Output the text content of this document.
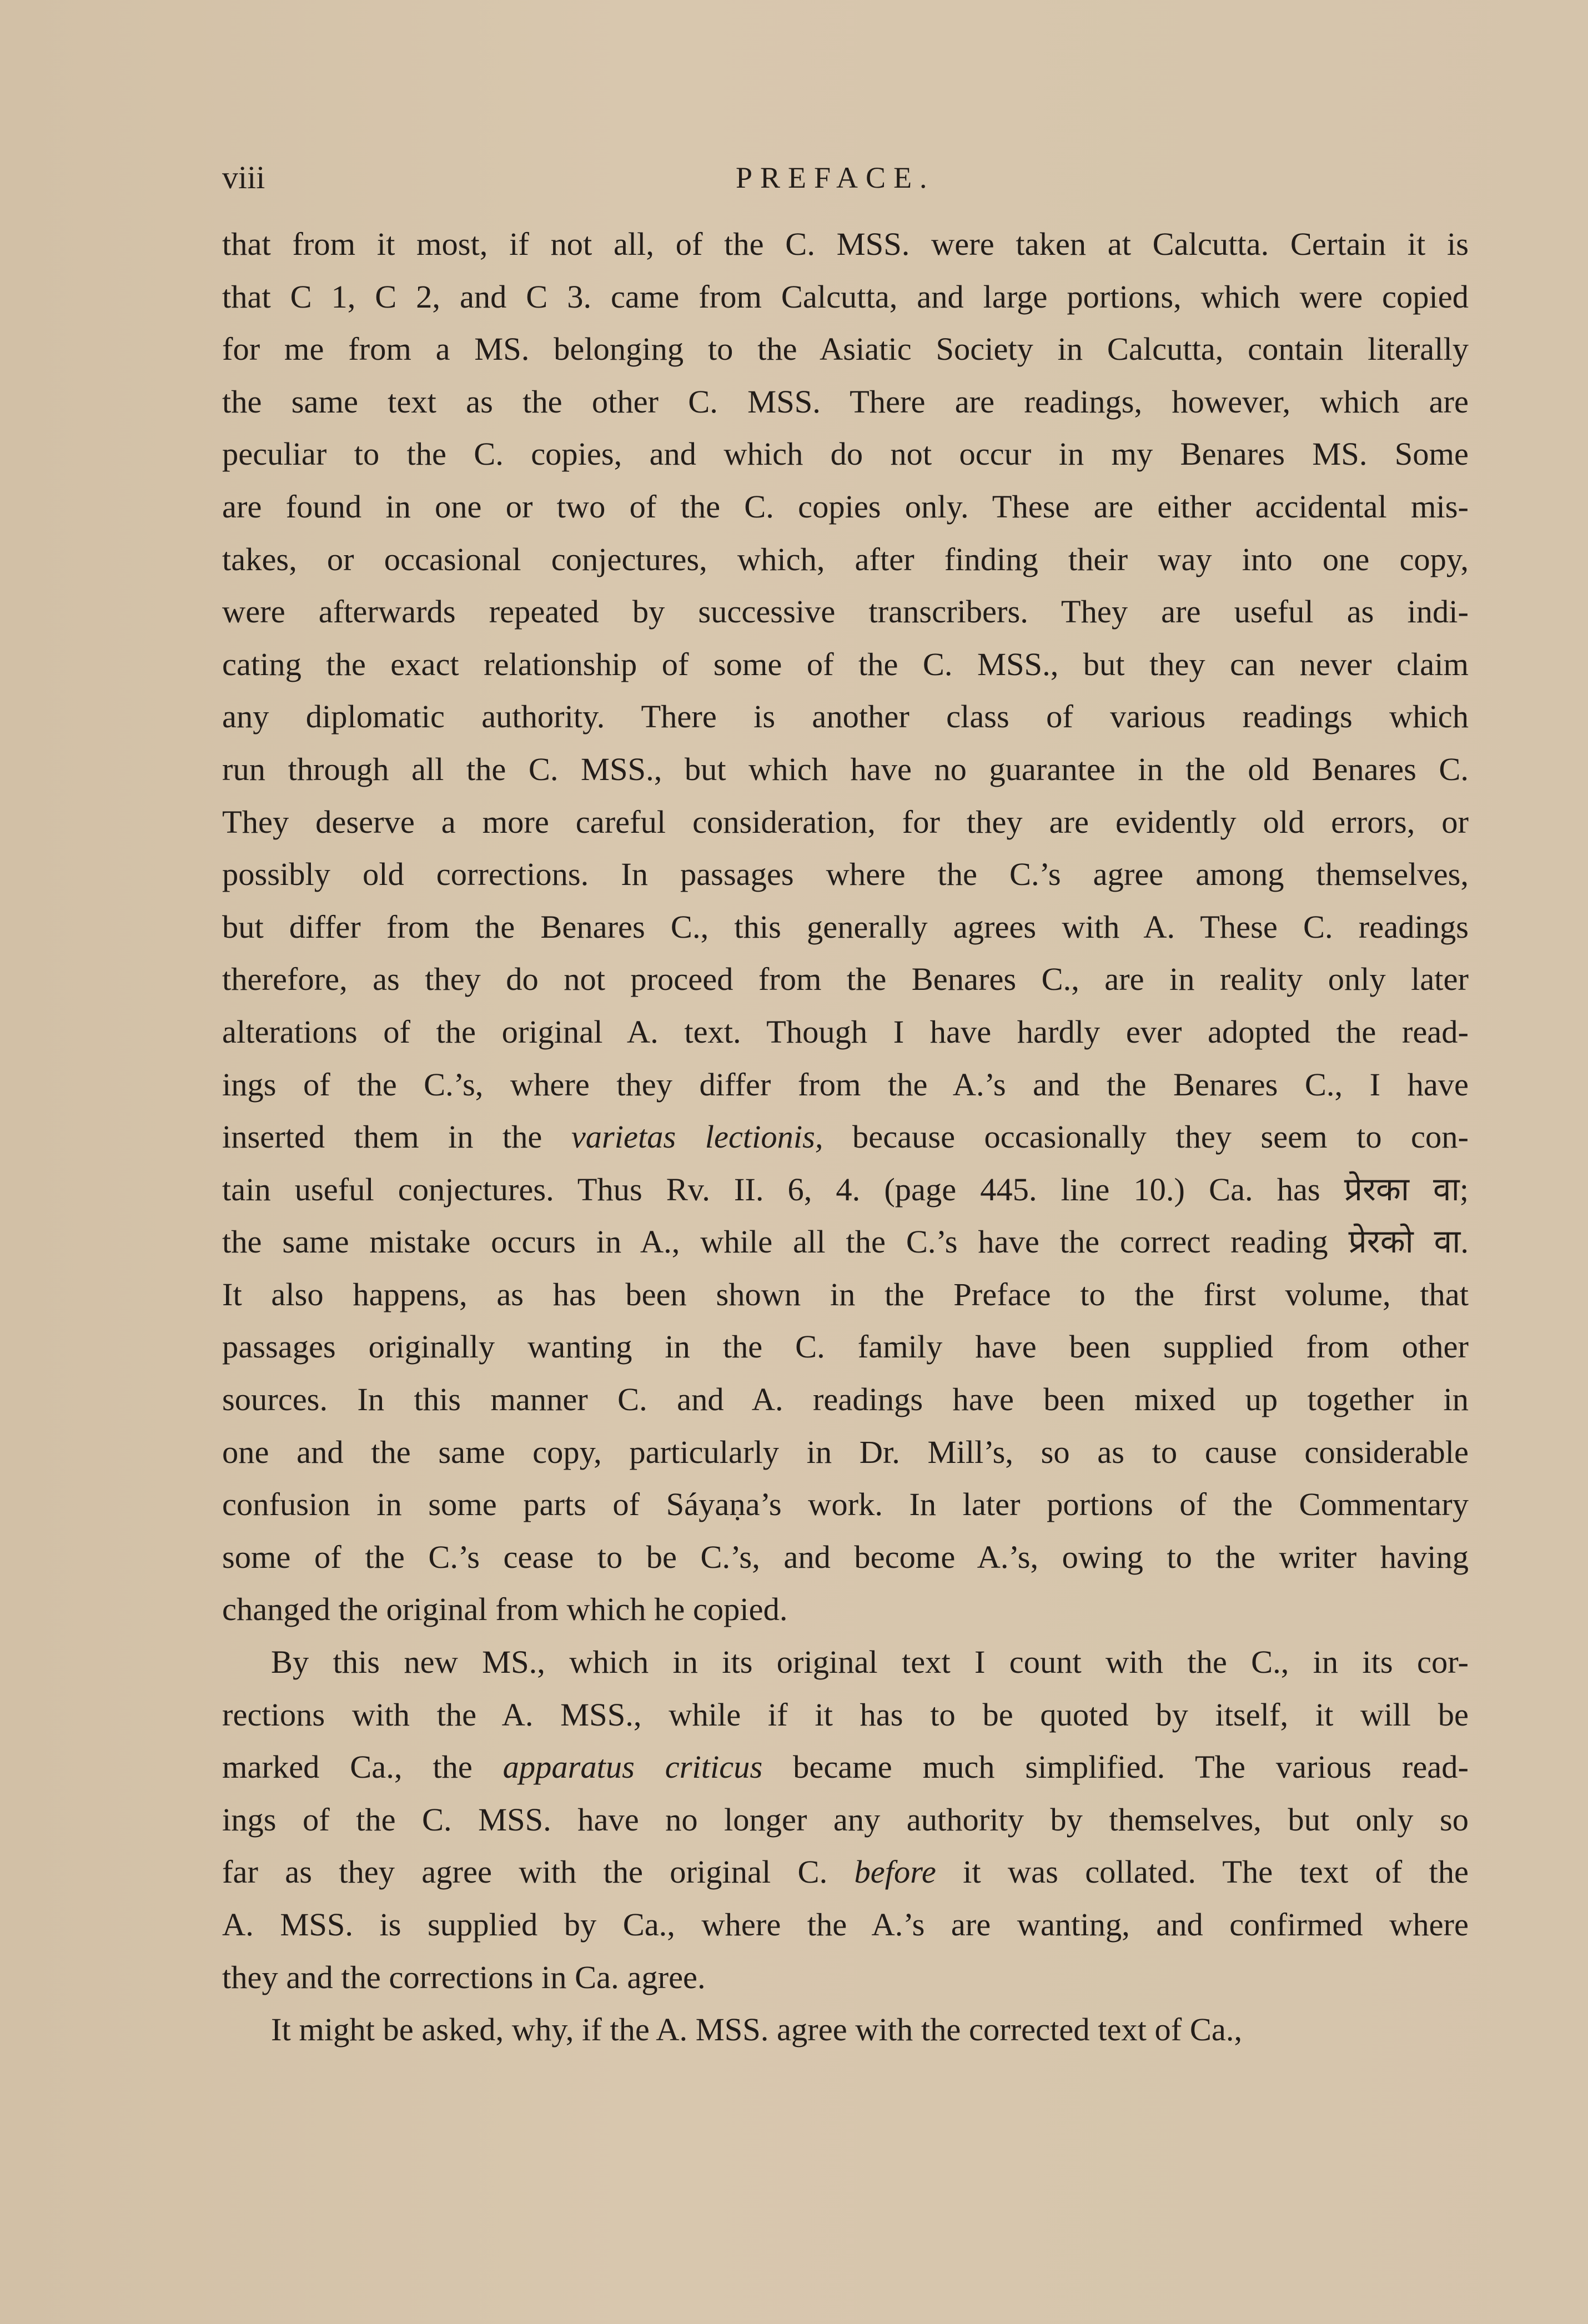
viii	PREFACE.
that from it most, if not all, of the C. MSS. were taken at Calcutta. Certain it is
that C 1, C 2, and C 3. came from Calcutta, and large portions, which were copied
for me from a MS. belonging to the Asiatic Society in Calcutta, contain literally
the same text as the other C. MSS. There are readings, however, which are
peculiar to the C. copies, and which do not occur in my Benares MS. Some
are found in one or two of the C. copies only. These are either accidental mis-
takes, or occasional conjectures, which, after finding their way into one copy,
were afterwards repeated by successive transcribers. They are useful as indi-
cating the exact relationship of some of the C. MSS., but they can never claim
any diplomatic authority. There is another class of various readings which
run through all the C. MSS., but which have no guarantee in the old Benares C.
They deserve a more careful consideration, for they are evidently old errors, or
possibly old corrections. In passages where the C.’s agree among themselves,
but differ from the Benares C., this generally agrees with A. These C. readings
therefore, as they do not proceed from the Benares C., are in reality only later
alterations of the original A. text. Though I have hardly ever adopted the read-
ings of the C.’s, where they differ from the A.’s and the Benares C., I have
inserted them in the varietas lectionis, because occasionally they seem to con-
tain useful conjectures. Thus Rv. II. 6, 4. (page 445. line 10.) Ca. has प्रेरका वा;
the same mistake occurs in A., while all the C.’s have the correct reading प्रेरको वा.
It also happens, as has been shown in the Preface to the first volume, that
passages originally wanting in the C. family have been supplied from other
sources. In this manner C. and A. readings have been mixed up together in
one and the same copy, particularly in Dr. Mill’s, so as to cause considerable
confusion in some parts of Sáyaṇa’s work. In later portions of the Commentary
some of the C.’s cease to be C.’s, and become A.’s, owing to the writer having
changed the original from which he copied.
By this new MS., which in its original text I count with the C., in its cor-
rections with the A. MSS., while if it has to be quoted by itself, it will be
marked Ca., the apparatus criticus became much simplified. The various read-
ings of the C. MSS. have no longer any authority by themselves, but only so
far as they agree with the original C. before it was collated. The text of the
A. MSS. is supplied by Ca., where the A.’s are wanting, and confirmed where
they and the corrections in Ca. agree.
It might be asked, why, if the A. MSS. agree with the corrected text of Ca.,
